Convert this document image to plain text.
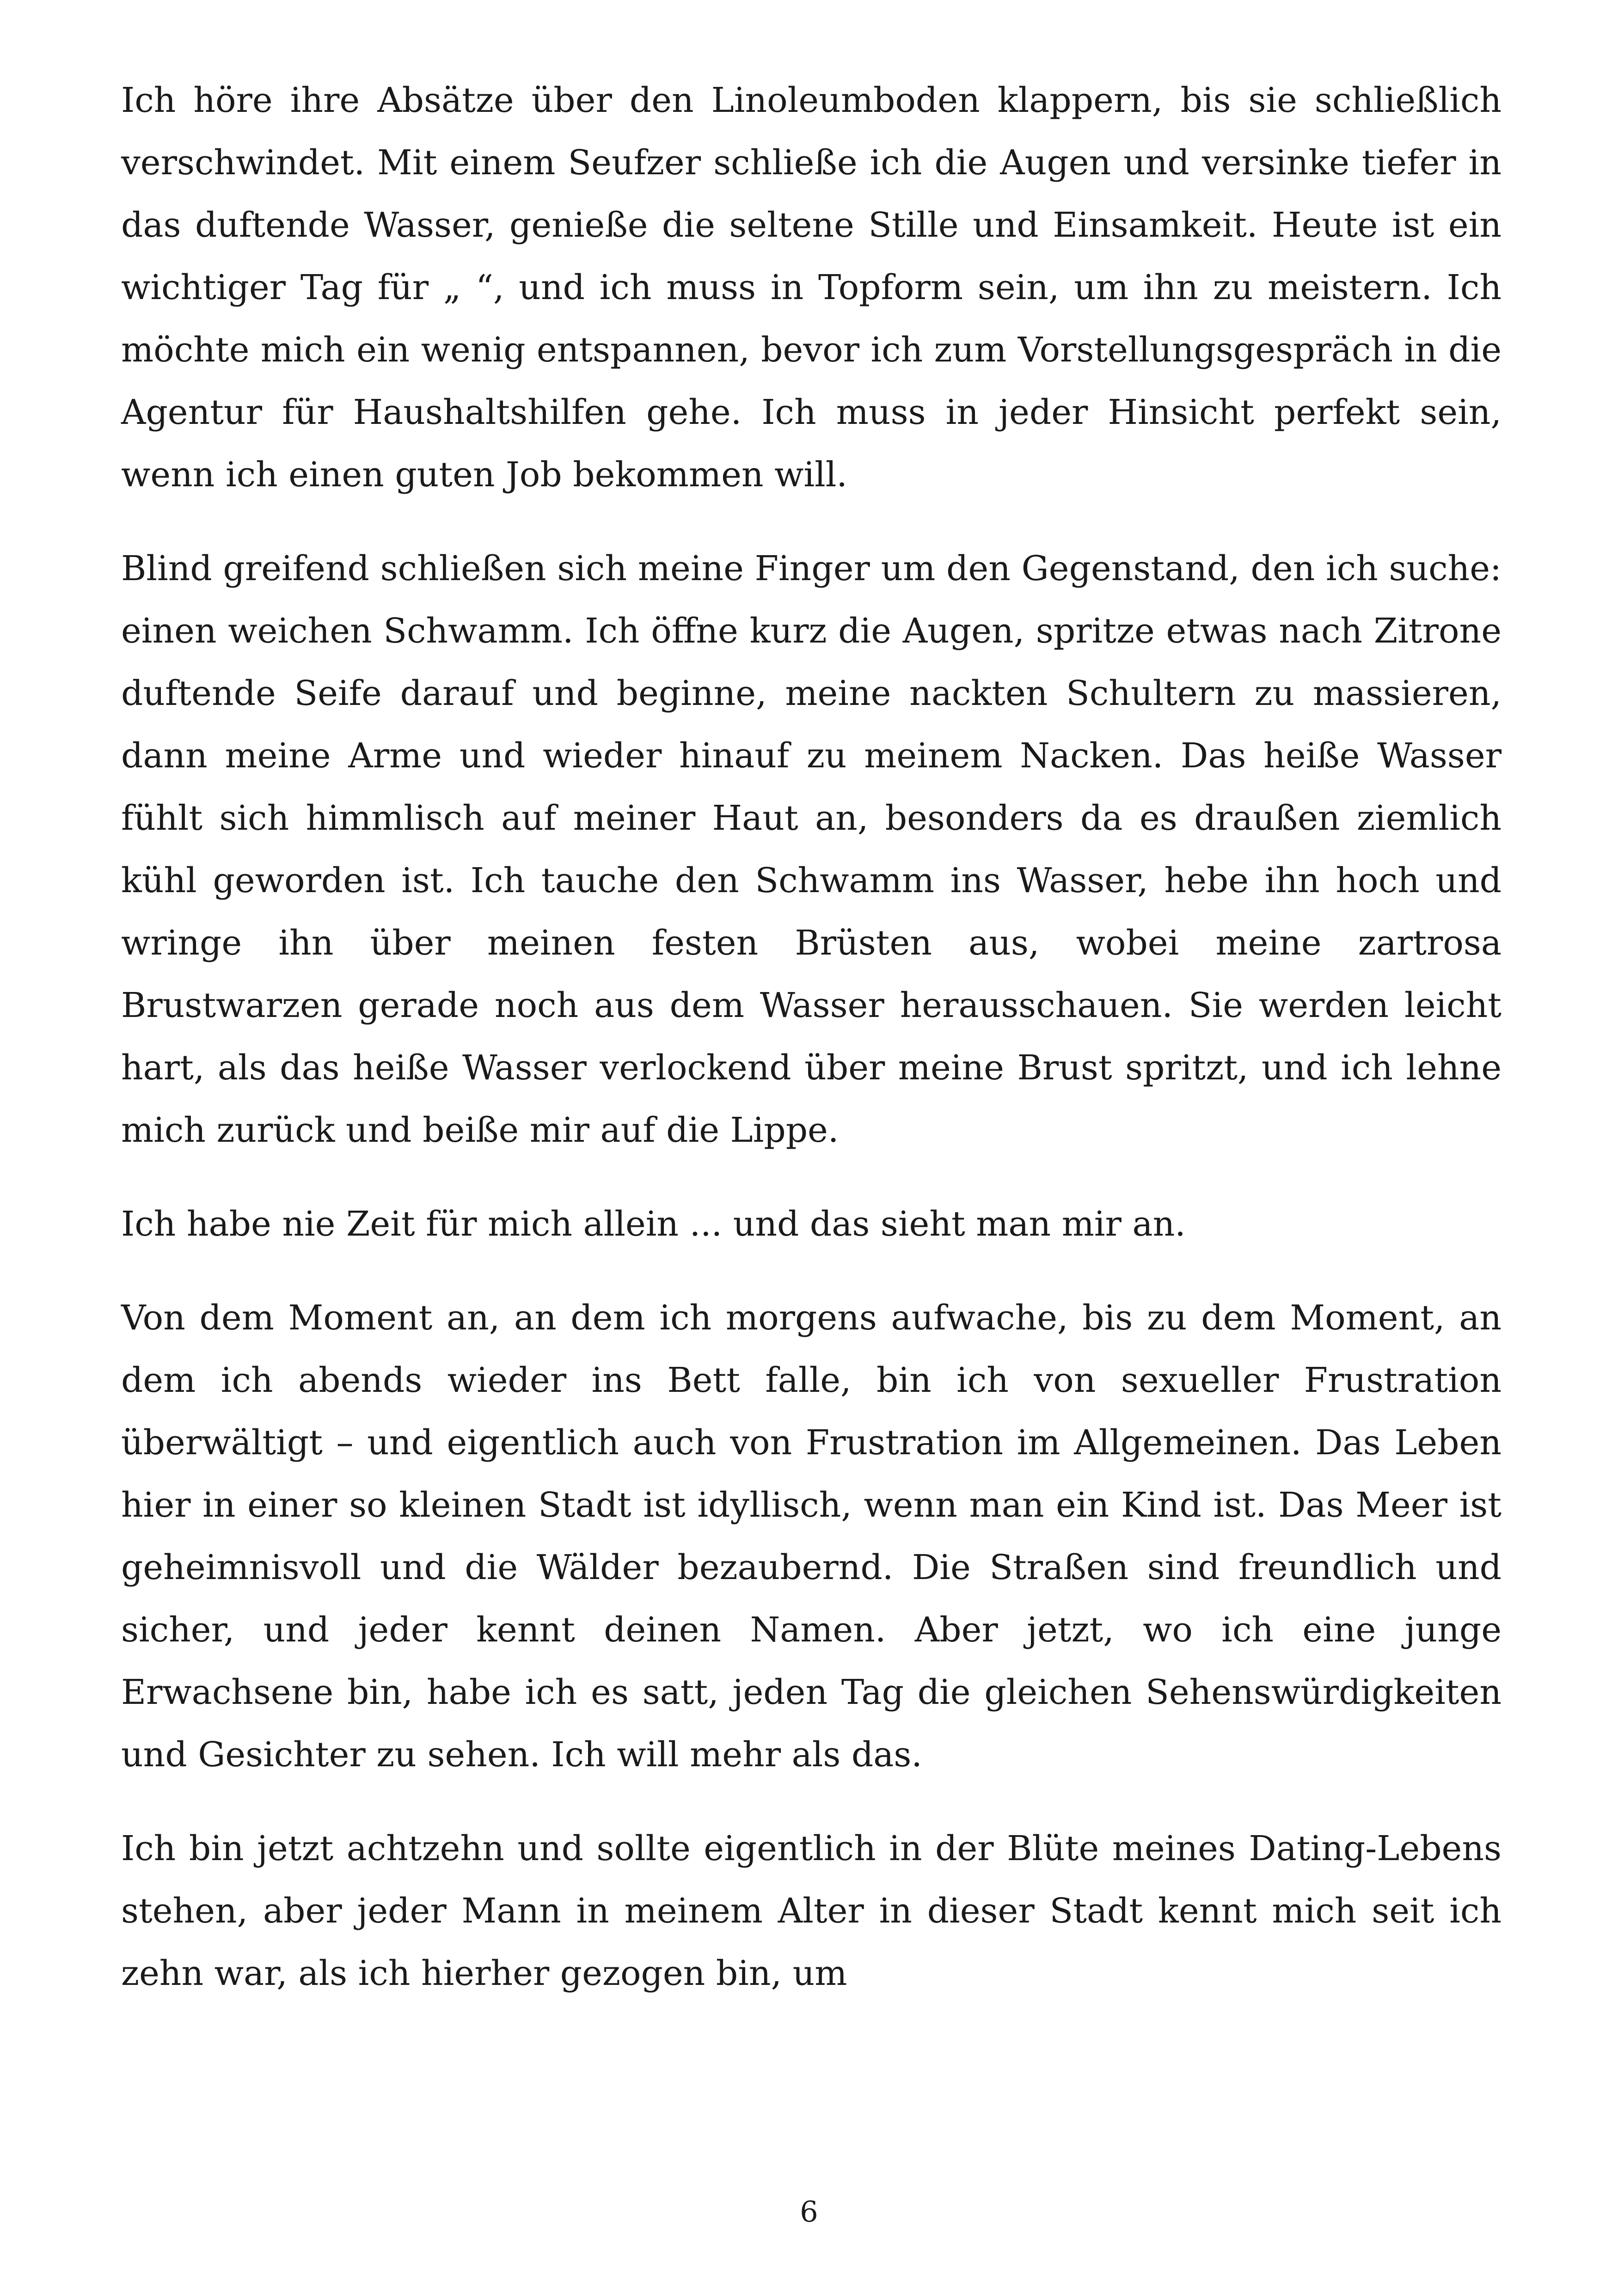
Ich höre ihre Absätze über den Linoleumboden klappern, bis sie schließlich verschwindet. Mit einem Seufzer schließe ich die Augen und versinke tiefer in das duftende Wasser, genieße die seltene Stille und Einsamkeit. Heute ist ein wichtiger Tag für „ “, und ich muss in Topform sein, um ihn zu meistern. Ich möchte mich ein wenig entspannen, bevor ich zum Vorstellungsgespräch in die Agentur für Haushaltshilfen gehe. Ich muss in jeder Hinsicht perfekt sein, wenn ich einen guten Job bekommen will.

Blind greifend schließen sich meine Finger um den Gegenstand, den ich suche: einen weichen Schwamm. Ich öffne kurz die Augen, spritze etwas nach Zitrone duftende Seife darauf und beginne, meine nackten Schultern zu massieren, dann meine Arme und wieder hinauf zu meinem Nacken. Das heiße Wasser fühlt sich himmlisch auf meiner Haut an, besonders da es draußen ziemlich kühl geworden ist. Ich tauche den Schwamm ins Wasser, hebe ihn hoch und wringe ihn über meinen festen Brüsten aus, wobei meine zartrosa Brustwarzen gerade noch aus dem Wasser herausschauen. Sie werden leicht hart, als das heiße Wasser verlockend über meine Brust spritzt, und ich lehne mich zurück und beiße mir auf die Lippe.

Ich habe nie Zeit für mich allein ... und das sieht man mir an.

Von dem Moment an, an dem ich morgens aufwache, bis zu dem Moment, an dem ich abends wieder ins Bett falle, bin ich von sexueller Frustration überwältigt – und eigentlich auch von Frustration im Allgemeinen. Das Leben hier in einer so kleinen Stadt ist idyllisch, wenn man ein Kind ist. Das Meer ist geheimnisvoll und die Wälder bezaubernd. Die Straßen sind freundlich und sicher, und jeder kennt deinen Namen. Aber jetzt, wo ich eine junge Erwachsene bin, habe ich es satt, jeden Tag die gleichen Sehenswürdigkeiten und Gesichter zu sehen. Ich will mehr als das.

Ich bin jetzt achtzehn und sollte eigentlich in der Blüte meines Dating-Lebens stehen, aber jeder Mann in meinem Alter in dieser Stadt kennt mich seit ich zehn war, als ich hierher gezogen bin, um

6
